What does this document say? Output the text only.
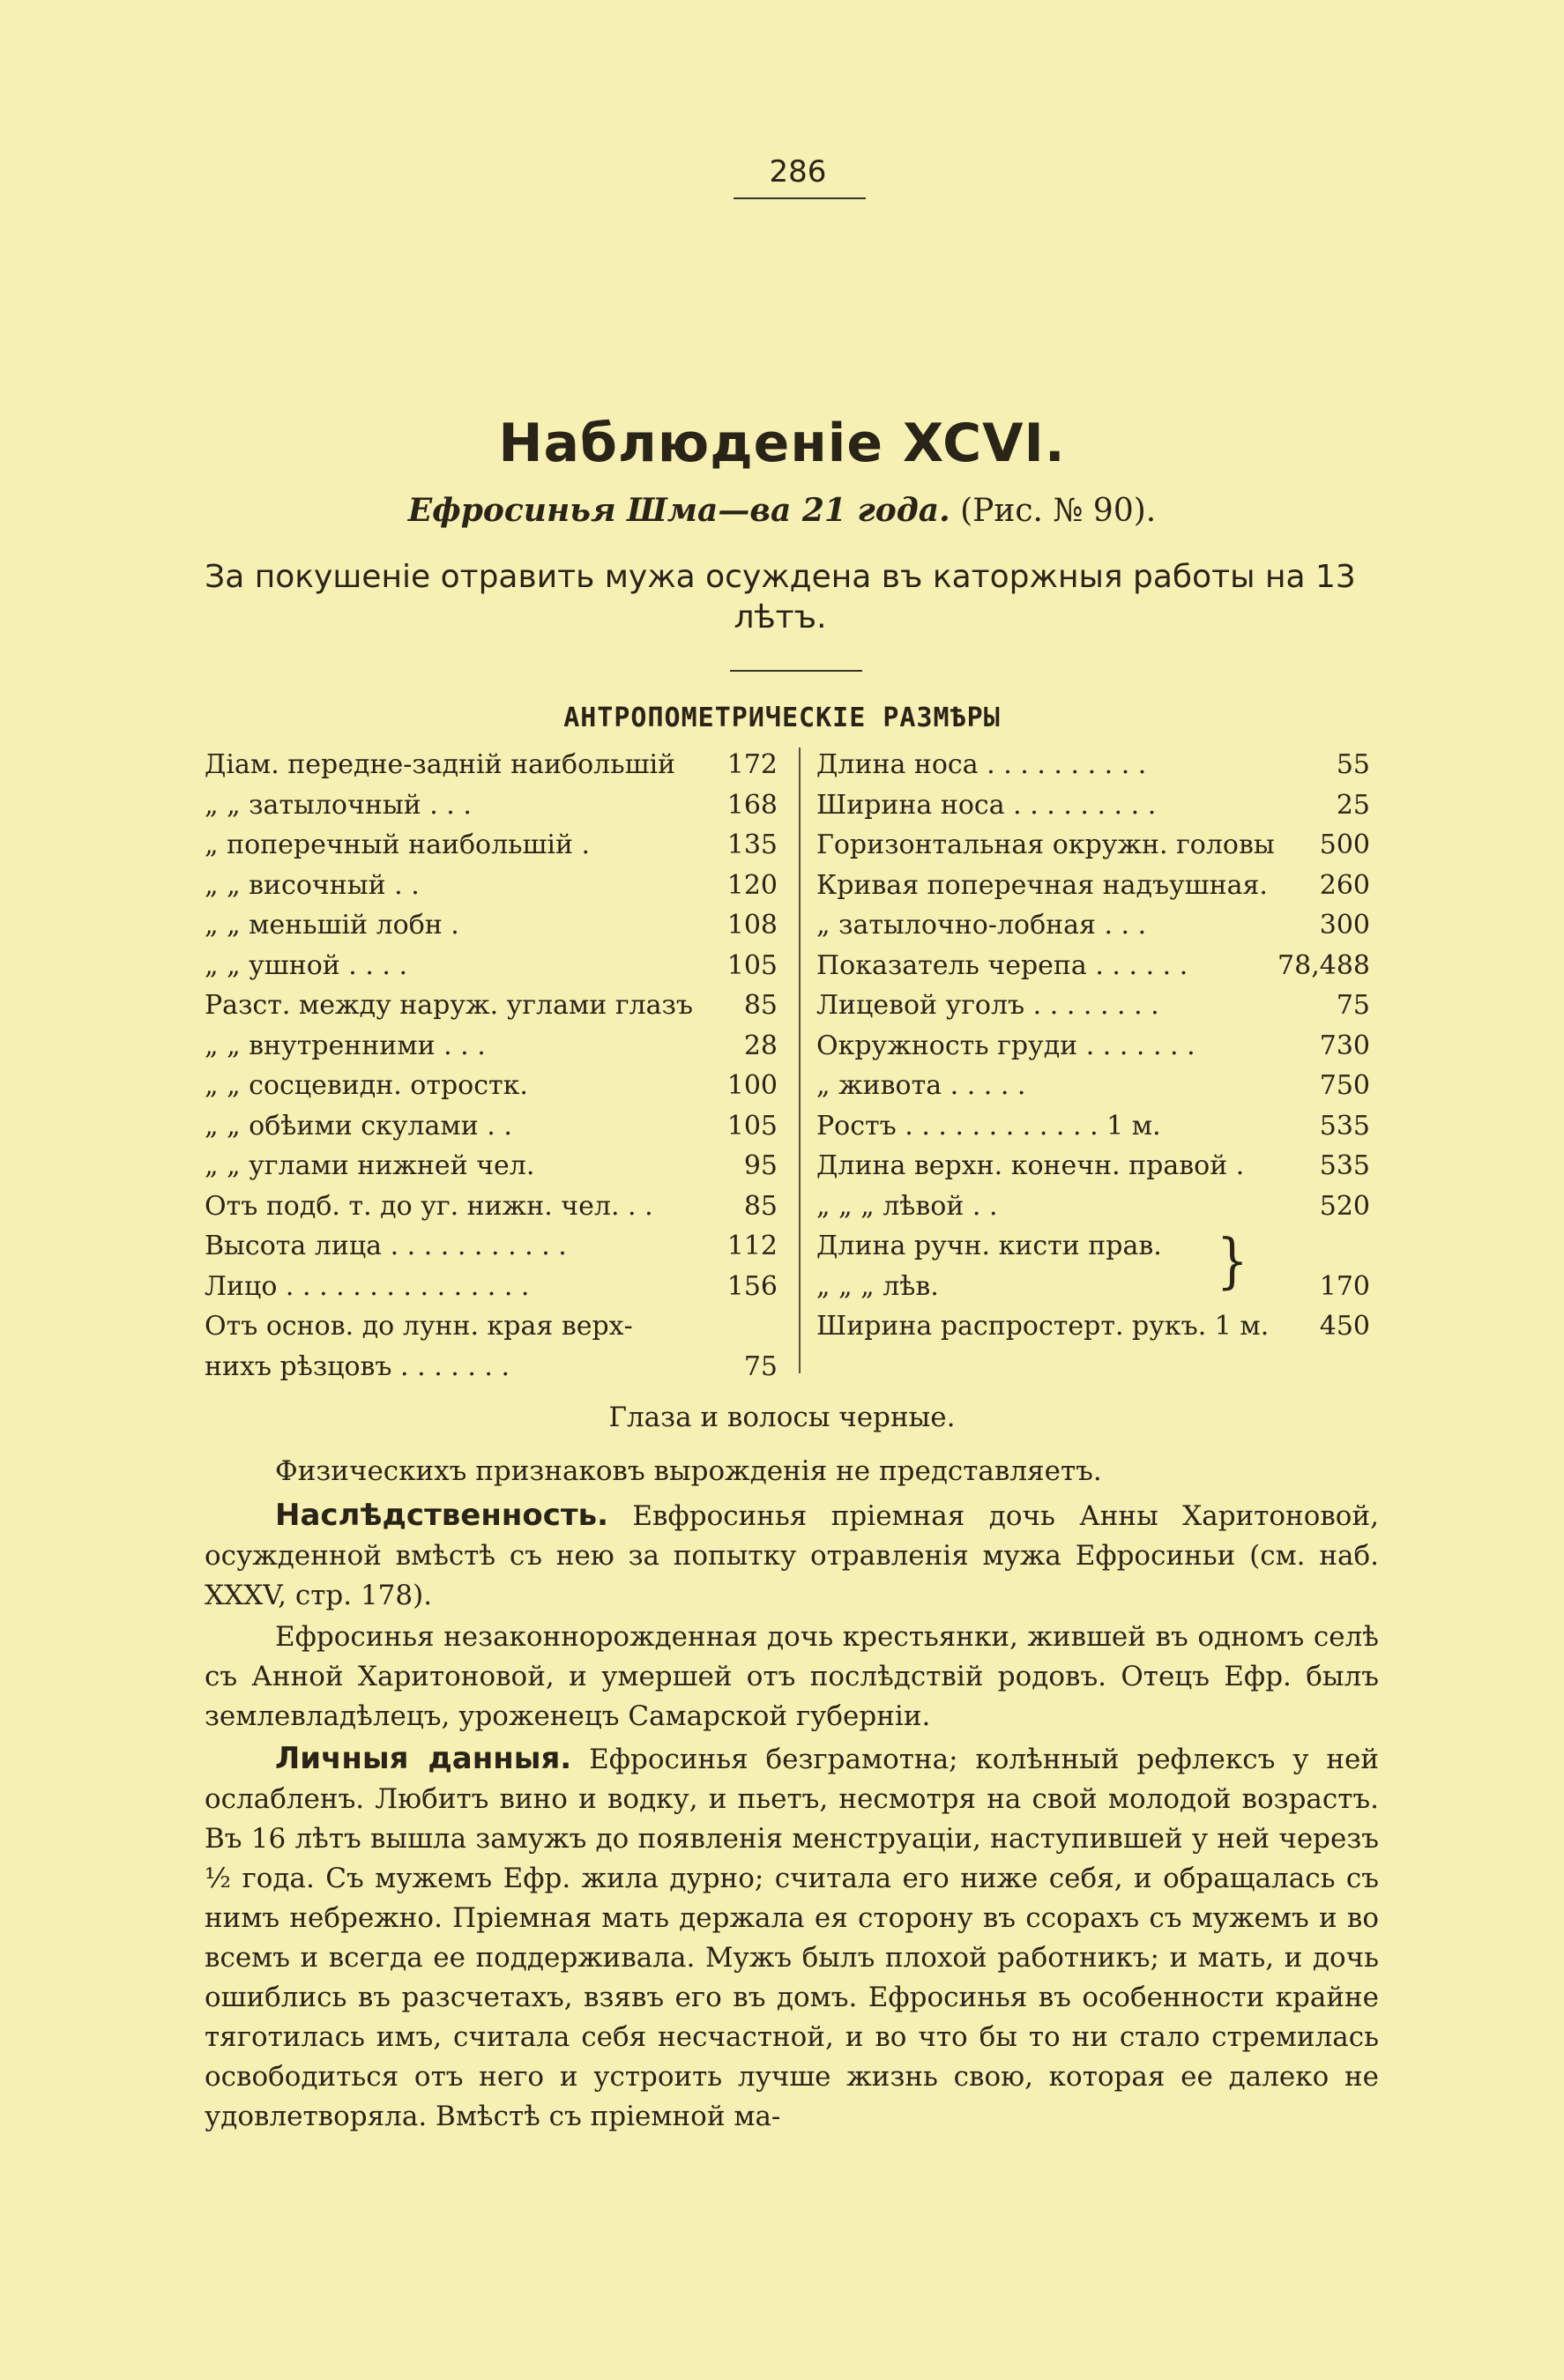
286
Наблюденіе XCVI.
Ефросинья Шма—ва 21 года. (Рис. № 90).
За покушеніе отравить мужа осуждена въ каторжныя работы на 13 лѣтъ.
АНТРОПОМЕТРИЧЕСКІЕ РАЗМѢРЫ
Діам. передне-задній наибольшій	172
„ „ затылочный . . .	168
„ поперечный наибольшій .	135
„ „ височный . .	120
„ „ меньшій лобн .	108
„ „ ушной . . . .	105
Разст. между наруж. углами глазъ	85
„ „ внутренними . . .	28
„ „ сосцевидн. отростк.	100
„ „ обѣими скулами . .	105
„ „ углами нижней чел.	95
Отъ подб. т. до уг. нижн. чел. . .	85
Высота лица . . . . . . . . . . .	112
Лицо . . . . . . . . . . . . . . .	156
Отъ основ. до лунн. края верх-
нихъ рѣзцовъ . . . . . . .	75
Длина носа . . . . . . . . . .	55
Ширина носа . . . . . . . . .	25
Горизонтальная окружн. головы	500
Кривая поперечная надъушная.	260
„ затылочно-лобная . . .	300
Показатель черепа . . . . . .	78,488
Лицевой уголъ . . . . . . . .	75
Окружность груди . . . . . . .	730
„ живота . . . . .	750
Ростъ . . . . . . . . . . . . 1 м.	535
Длина верхн. конечн. правой .	535
„ „ „ лѣвой . .	520
Длина ручн. кисти прав.
„ „ „ лѣв.	170
Ширина распростерт. рукъ. 1 м.	450
}
Глаза и волосы черные.
Физическихъ признаковъ вырожденія не представляетъ.
Наслѣдственность. Евфросинья пріемная дочь Анны Харитоновой, осужденной вмѣстѣ съ нею за попытку отравленія мужа Ефросиньи (см. наб. XXXV, стр. 178).
Ефросинья незаконнорожденная дочь крестьянки, жившей въ одномъ селѣ съ Анной Харитоновой, и умершей отъ послѣдствій родовъ. Отецъ Ефр. былъ землевладѣлецъ, уроженецъ Самарской губерніи.
Личныя данныя. Ефросинья безграмотна; колѣнный рефлексъ у ней ослабленъ. Любитъ вино и водку, и пьетъ, несмотря на свой молодой возрастъ. Въ 16 лѣтъ вышла замужъ до появленія менструаціи, наступившей у ней черезъ ½ года. Съ мужемъ Ефр. жила дурно; считала его ниже себя, и обращалась съ нимъ небрежно. Пріемная мать держала ея сторону въ ссорахъ съ мужемъ и во всемъ и всегда ее поддерживала. Мужъ былъ плохой работникъ; и мать, и дочь ошиблись въ разсчетахъ, взявъ его въ домъ. Ефросинья въ особенности крайне тяготилась имъ, считала себя несчастной, и во что бы то ни стало стремилась освободиться отъ него и устроить лучше жизнь свою, которая ее далеко не удовлетворяла. Вмѣстѣ съ пріемной ма-
